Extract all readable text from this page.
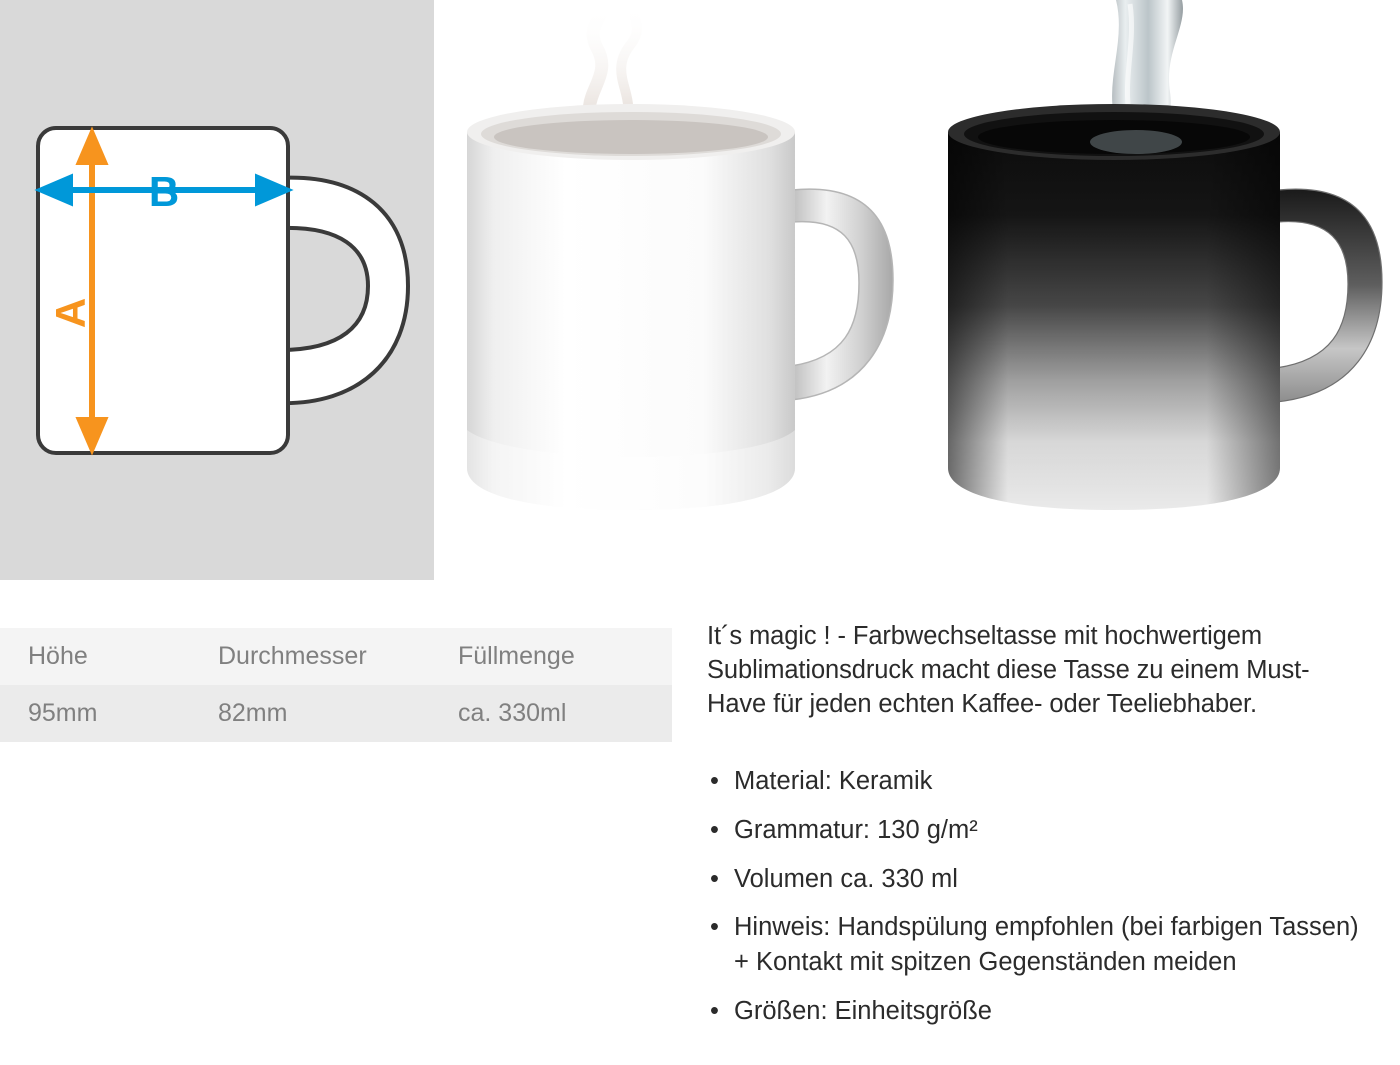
A
B
Höhe	Durchmesser	Füllmenge
95mm	82mm	ca. 330ml

It´s magic ! - Farbwechseltasse mit hochwertigem Sublimationsdruck macht diese Tasse zu einem Must-Have für jeden echten Kaffee- oder Teeliebhaber.

• Material: Keramik
• Grammatur: 130 g/m²
• Volumen ca. 330 ml
• Hinweis: Handspülung empfohlen (bei farbigen Tassen) + Kontakt mit spitzen Gegenständen meiden
• Größen: Einheitsgröße
